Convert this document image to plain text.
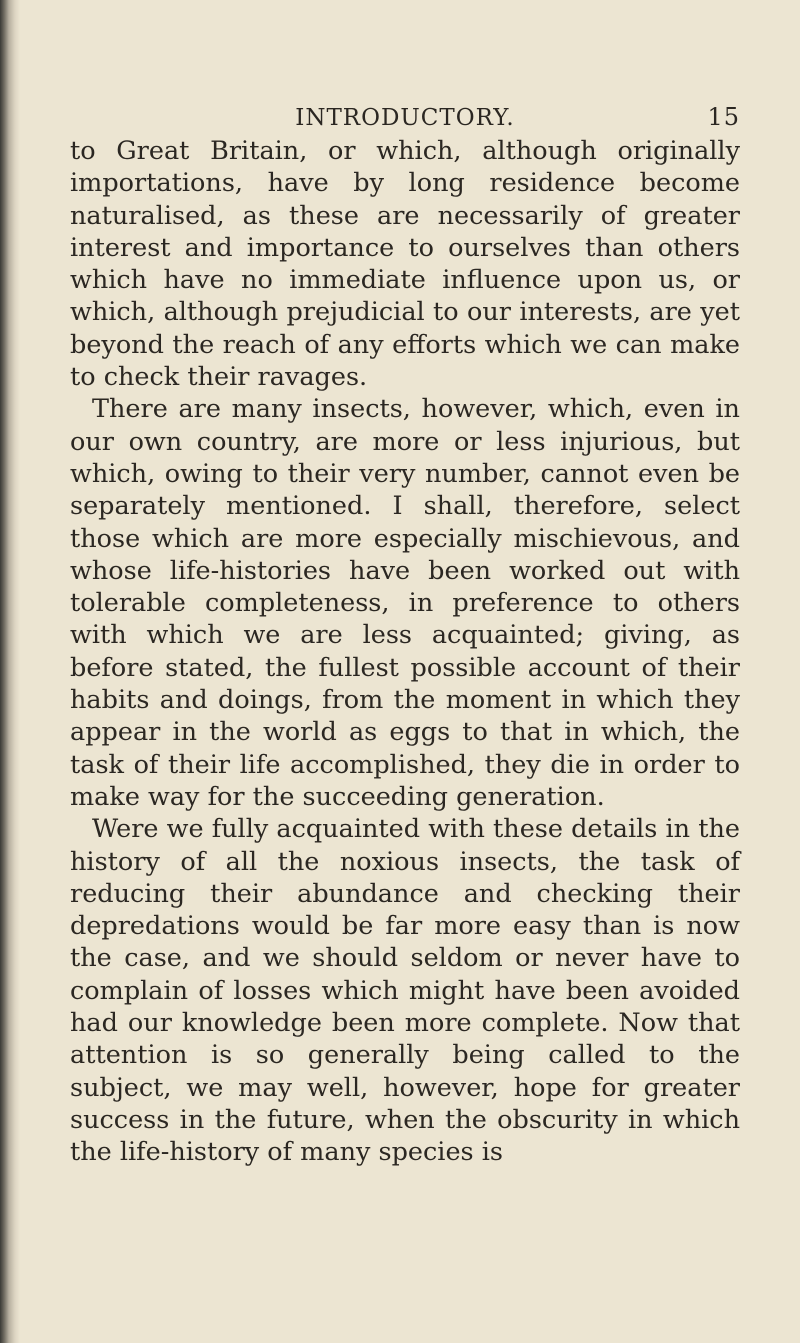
INTRODUCTORY.	15

to Great Britain, or which, although originally importations, have by long residence become naturalised, as these are necessarily of greater interest and importance to ourselves than others which have no immediate influence upon us, or which, although prejudicial to our interests, are yet beyond the reach of any efforts which we can make to check their ravages.

There are many insects, however, which, even in our own country, are more or less injurious, but which, owing to their very number, cannot even be separately mentioned. I shall, therefore, select those which are more especially mischievous, and whose life-histories have been worked out with tolerable completeness, in preference to others with which we are less acquainted; giving, as before stated, the fullest possible account of their habits and doings, from the moment in which they appear in the world as eggs to that in which, the task of their life accomplished, they die in order to make way for the succeeding generation.

Were we fully acquainted with these details in the history of all the noxious insects, the task of reducing their abundance and checking their depredations would be far more easy than is now the case, and we should seldom or never have to complain of losses which might have been avoided had our knowledge been more complete. Now that attention is so generally being called to the subject, we may well, however, hope for greater success in the future, when the obscurity in which the life-history of many species is
